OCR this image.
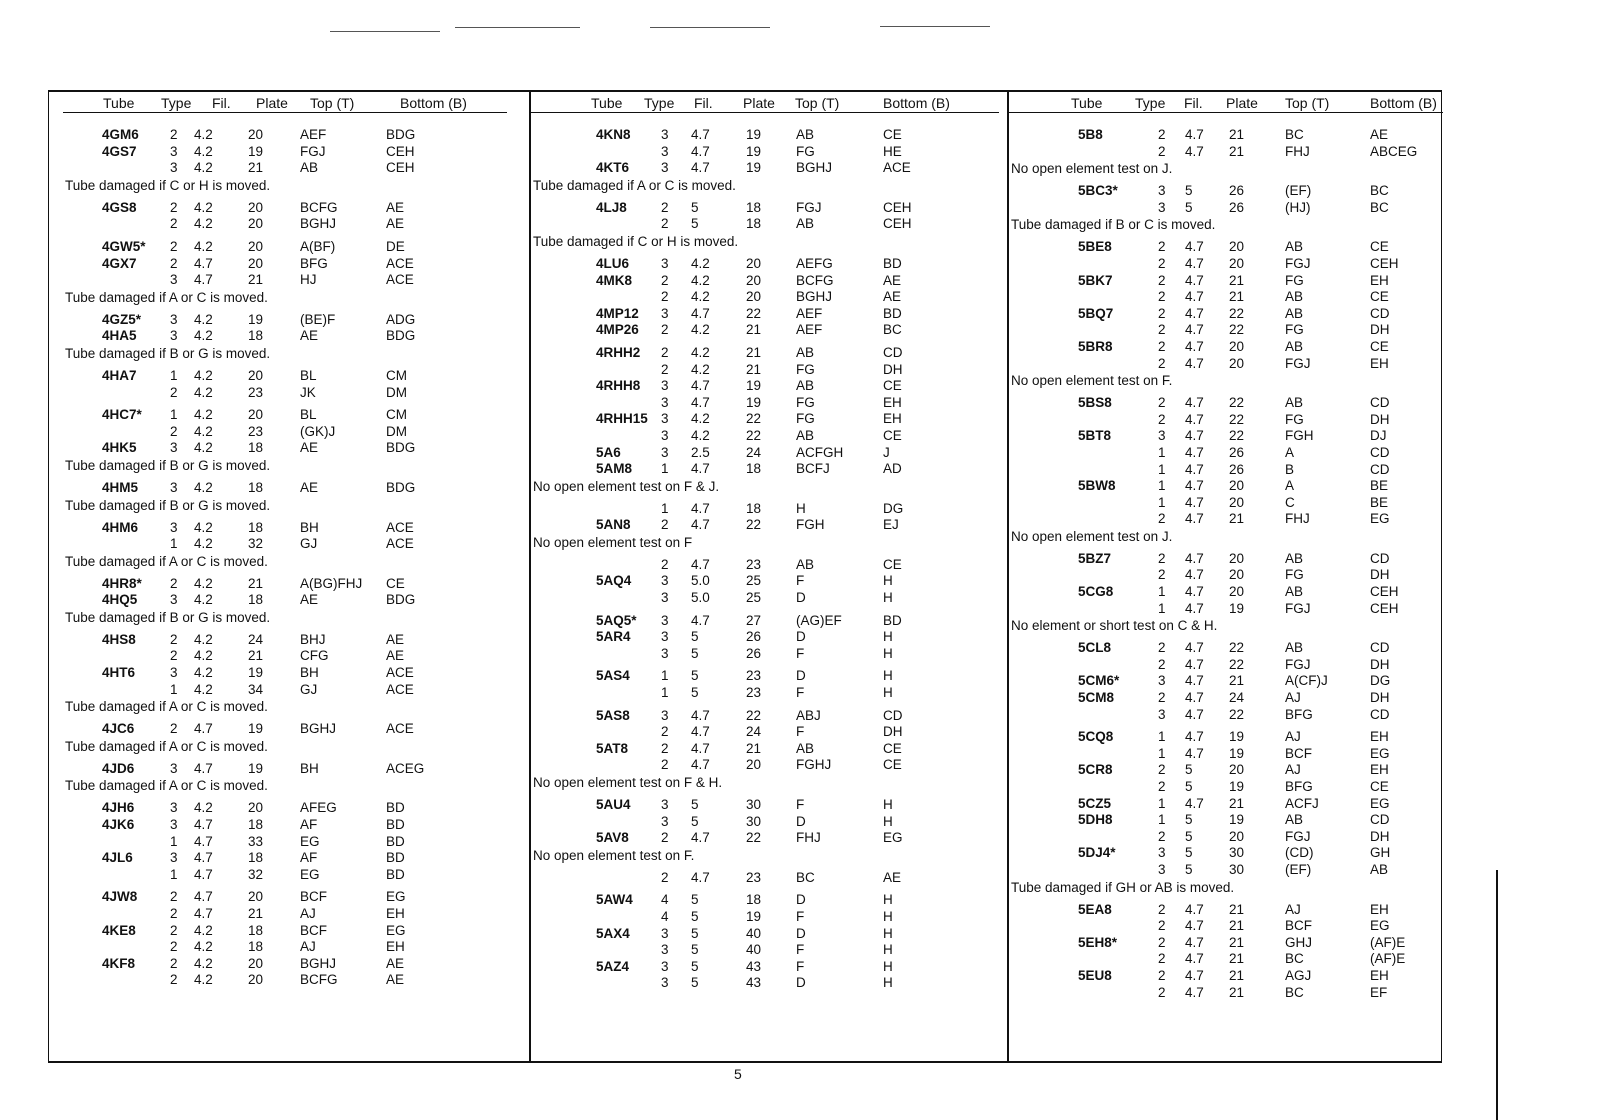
Tube Type Fil. Plate Top (T)	Bottom (B)
4GM6 2 4.2	20	AEF	BDG
4GS7 3 4.2	19	FGJ	CEH
3 4.2	21	AB	CEH
Tube damaged if C or H is moved.
4GS8 2 4.2	20	BCFG	AE
2 4.2	20	BGHJ	AE
4GW5* 2 4.2	20	A(BF)	DE
4GX7 2 4.7	20	BFG	ACE
3 4.7	21	HJ	ACE
Tube damaged if A or C is moved.
4GZ5* 3 4.2	19	(BE)F	ADG
4HA5 3 4.2	18	AE	BDG
Tube damaged if B or G is moved.
4HA7 1 4.2	20	BL	CM
2 4.2	23	JK	DM
4HC7* 1 4.2	20	BL	CM
2 4.2	23	(GK)J	DM
4HK5 3 4.2	18	AE	BDG
Tube damaged if B or G is moved.
4HM5 3 4.2	18	AE	BDG
Tube damaged if B or G is moved.
4HM6 3 4.2	18	BH	ACE
1 4.2	32	GJ	ACE
Tube damaged if A or C is moved.
4HR8* 2 4.2	21	A(BG)FHJ CE
4HQ5 3 4.2	18	AE	BDG
Tube damaged if B or G is moved.
4HS8	2 4.2	24	BHJ	AE
2 4.2	21	CFG	AE
4HT6	3 4.2	19	BH	ACE
1 4.2	34	GJ	ACE
Tube damaged if A or C is moved.
4JC6	2 4.7	19	BGHJ	ACE
Tube damaged if A or C is moved.
4JD6	3 4.7	19	BH	ACEG
Tube damaged if A or C is moved.
4JH6	3 4.2	20	AFEG	BD
4JK6	3 4.7	18	AF	BD
1 4.7	33	EG	BD
4JL6	3 4.7	18	AF	BD
1 4.7	32	EG	BD
4JW8 2 4.7	20	BCF	EG
2 4.7	21	AJ	EH
4KE8	2 4.2	18	BCF	EG
2 4.2	18	AJ	EH
4KF8	2 4.2	20	BGHJ	AE
2 4.2	20	BCFG	AE
Tube Type Fil. Plate Top (T)	Bottom (B)
4KN8 3 4.7	19	AB	CE
3 4.7	19	FG	HE
4KT6 3 4.7	19	BGHJ	ACE
Tube damaged if A or C is moved.
4LJ8	2 5	18	FGJ	CEH
2 5	18	AB	CEH
Tube damaged if C or H is moved.
4LU6 3 4.2	20	AEFG	BD
4MK8 2 4.2	20	BCFG	AE
2 4.2	20	BGHJ	AE
4MP12 3 4.7	22	AEF	BD
4MP26 2 4.2	21	AEF	BC
4RHH2 2 4.2	21	AB	CD
2 4.2	21	FG	DH
4RHH8 3 4.7	19	AB	CE
3 4.7	19	FG	EH
4RHH15 3 4.2	22	FG	EH
3 4.2	22	AB	CE
5A6	3 2.5	24	ACFGH	J
5AM8 1 4.7	18	BCFJ	AD
No open element test on F & J.
1 4.7	18	H	DG
5AN8 2 4.7	22	FGH	EJ
No open element test on F
2 4.7	23	AB	CE
5AQ4 3 5.0	25	F	H
3 5.0	25	D	H
5AQ5* 3 4.7	27	(AG)EF	BD
5AR4 3 5	26	D	H
3 5	26	F	H
5AS4 1 5	23	D	H
1 5	23	F	H
5AS8 3 4.7	22	ABJ	CD
2 4.7	24	F	DH
5AT8 2 4.7	21	AB	CE
2 4.7	20	FGHJ	CE
No open element test on F & H.
5AU4 3 5	30	F	H
3 5	30	D	H
5AV8 2 4.7	22	FHJ	EG
No open element test on F.
2 4.7	23	BC	AE
5AW4 4 5	18	D	H
4 5	19	F	H
5AX4 3 5	40	D	H
3 5	40	F	H
5AZ4 3 5	43	F	H
3 5	43	D	H
Tube Type Fil. Plate Top (T)	Bottom (B)
5B8	2 4.7 21	BC	AE
2 4.7 21	FHJ	ABCEG
No open element test on J.
5BC3*	3 5	26	(EF)	BC
3 5	26	(HJ)	BC
Tube damaged if B or C is moved.
5BE8	2 4.7 20	AB	CE
2 4.7 20	FGJ	CEH
5BK7	2 4.7 21	FG	EH
2 4.7 21	AB	CE
5BQ7	2 4.7 22	AB	CD
2 4.7 22	FG	DH
5BR8	2 4.7 20	AB	CE
2 4.7 20	FGJ	EH
No open element test on F.
5BS8	2 4.7 22	AB	CD
2 4.7 22	FG	DH
5BT8	3 4.7 22	FGH	DJ
1 4.7 26	A	CD
1 4.7 26	B	CD
5BW8	1 4.7 20	A	BE
1 4.7 20	C	BE
2 4.7 21	FHJ	EG
No open element test on J.
5BZ7	2 4.7 20	AB	CD
2 4.7 20	FG	DH
5CG8	1 4.7 20	AB	CEH
1 4.7 19	FGJ	CEH
No element or short test on C & H.
5CL8	2 4.7 22	AB	CD
2 4.7 22	FGJ	DH
5CM6*	3 4.7 21	A(CF)J	DG
5CM8	2 4.7 24	AJ	DH
3 4.7 22	BFG	CD
5CQ8	1 4.7 19	AJ	EH
1 4.7 19	BCF	EG
5CR8	2 5	20	AJ	EH
2 5	19	BFG	CE
5CZ5	1 4.7 21	ACFJ	EG
5DH8	1 5	19	AB	CD
2 5	20	FGJ	DH
5DJ4*	3 5	30	(CD)	GH
3 5	30	(EF)	AB
Tube damaged if GH or AB is moved.
5EA8	2 4.7 21	AJ	EH
2 4.7 21	BCF	EG
5EH8*	2 4.7 21	GHJ	(AF)E
2 4.7 21	BC	(AF)E
5EU8	2 4.7 21	AGJ	EH
2 4.7 21	BC	EF
5
